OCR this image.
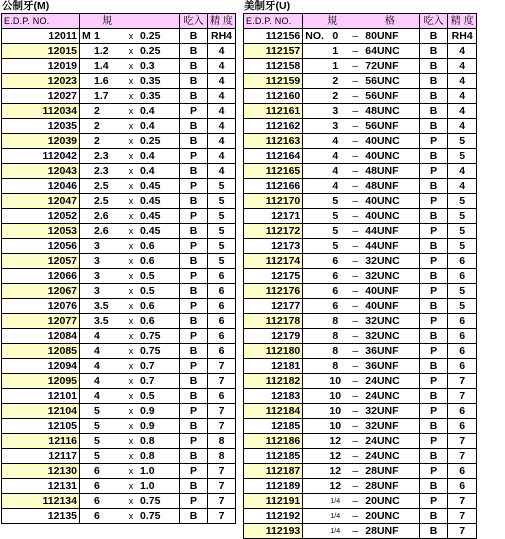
公制牙(M)
E.D.P. NO.	規	吃入	精 度
12011	M 1 x 0.25	B	RH4
12015	1.2 x 0.25	B	4
12019	1.4 x 0.3	B	4
12023	1.6 x 0.35	B	4
12027	1.7 x 0.35	B	4
112034	2 x 0.4	P	4
12035	2 x 0.4	B	4
12039	2 x 0.25	B	4
112042	2.3 x 0.4	P	4
12043	2.3 x 0.4	B	4
12046	2.5 x 0.45	P	5
12047	2.5 x 0.45	B	5
12052	2.6 x 0.45	P	5
12053	2.6 x 0.45	B	5
12056	3 x 0.6	P	5
12057	3 x 0.6	B	5
12066	3 x 0.5	P	6
12067	3 x 0.5	B	6
12076	3.5 x 0.6	P	6
12077	3.5 x 0.6	B	6
12084	4 x 0.75	P	6
12085	4 x 0.75	B	6
12094	4 x 0.7	P	7
12095	4 x 0.7	B	7
12101	4 x 0.5	B	6
12104	5 x 0.9	P	7
12105	5 x 0.9	B	7
12116	5 x 0.8	P	8
12117	5 x 0.8	B	8
12130	6 x 1.0	P	7
12131	6 x 1.0	B	7
112134	6 x 0.75	P	7
12135	6 x 0.75	B	7
美制牙(U)
E.D.P. NO.	規 格	吃入	精 度
112156	NO. 0 – 80UNF	B	RH4
112157	1 – 64UNC	B	4
112158	1 – 72UNF	B	4
112159	2 – 56UNC	B	4
112160	2 – 56UNF	B	4
112161	3 – 48UNC	B	4
112162	3 – 56UNF	B	4
112163	4 – 40UNC	P	5
112164	4 – 40UNC	B	5
112165	4 – 48UNF	P	4
112166	4 – 48UNF	B	4
112170	5 – 40UNC	P	5
12171	5 – 40UNC	B	5
112172	5 – 44UNF	P	5
12173	5 – 44UNF	B	5
112174	6 – 32UNC	P	6
12175	6 – 32UNC	B	6
112176	6 – 40UNF	P	5
12177	6 – 40UNF	B	5
112178	8 – 32UNC	P	6
12179	8 – 32UNC	B	6
112180	8 – 36UNF	P	6
12181	8 – 36UNF	B	6
112182	10 – 24UNC	P	7
12183	10 – 24UNC	B	7
112184	10 – 32UNF	P	6
12185	10 – 32UNF	B	6
112186	12 – 24UNC	P	7
112185	12 – 24UNC	B	7
112187	12 – 28UNF	P	6
112189	12 – 28UNF	B	6
112191	1/4 – 20UNC	P	7
112192	1/4 – 20UNC	B	7
112193	1/4 – 28UNF	B	7
